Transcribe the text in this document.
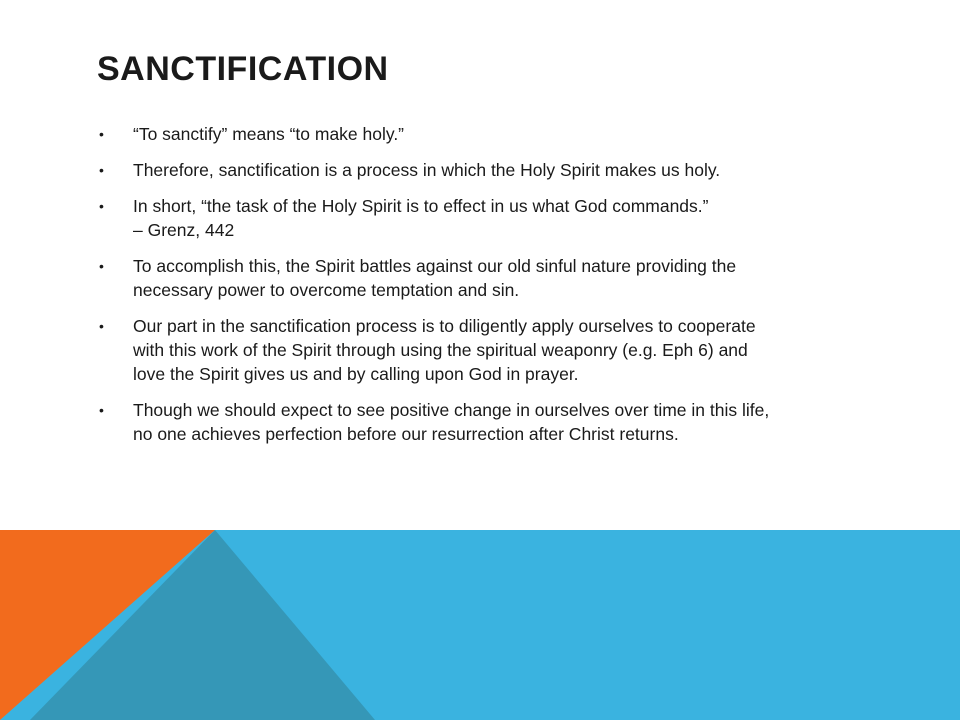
SANCTIFICATION
• “To sanctify” means “to make holy.”
• Therefore, sanctification is a process in which the Holy Spirit makes us holy.
• In short, “the task of the Holy Spirit is to effect in us what God commands.”
– Grenz, 442
• To accomplish this, the Spirit battles against our old sinful nature providing the
necessary power to overcome temptation and sin.
• Our part in the sanctification process is to diligently apply ourselves to cooperate
with this work of the Spirit through using the spiritual weaponry (e.g. Eph 6) and
love the Spirit gives us and by calling upon God in prayer.
• Though we should expect to see positive change in ourselves over time in this life,
no one achieves perfection before our resurrection after Christ returns.
